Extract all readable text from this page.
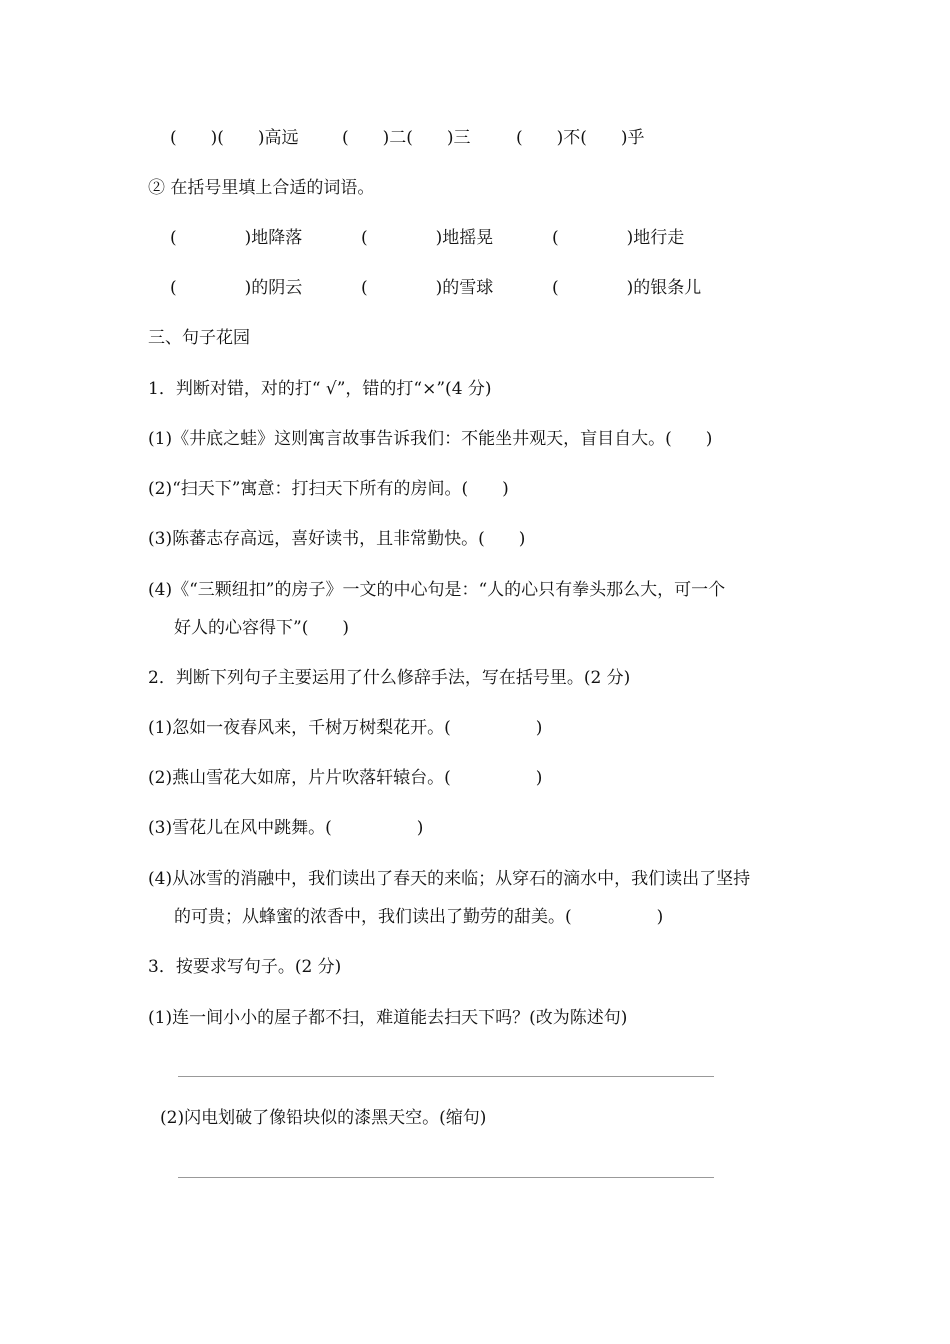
(　　)(　　)高远	(　　)二(　　)三	(　　)不(　　)乎
② 在括号里填上合适的词语。
(　　　　)地降落	(　　　　)地摇晃	(　　　　)地行走
(　　　　)的阴云	(　　　　)的雪球	(　　　　)的银条儿
三、句子花园
1．判断对错，对的打“ √”，错的打“×”(4 分)
(1)《井底之蛙》这则寓言故事告诉我们：不能坐井观天，盲目自大。(　　)
(2)“扫天下”寓意：打扫天下所有的房间。(　　)
(3)陈蕃志存高远，喜好读书，且非常勤快。(　　)
(4)《“三颗纽扣”的房子》一文的中心句是：“人的心只有拳头那么大，可一个
好人的心容得下”(　　)
2．判断下列句子主要运用了什么修辞手法，写在括号里。(2 分)
(1)忽如一夜春风来，千树万树梨花开。(　　　　　)
(2)燕山雪花大如席，片片吹落轩辕台。(　　　　　)
(3)雪花儿在风中跳舞。(　　　　　)
(4)从冰雪的消融中，我们读出了春天的来临；从穿石的滴水中，我们读出了坚持
的可贵；从蜂蜜的浓香中，我们读出了勤劳的甜美。(　　　　　)
3．按要求写句子。(2 分)
(1)连一间小小的屋子都不扫，难道能去扫天下吗？(改为陈述句)
(2)闪电划破了像铅块似的漆黑天空。(缩句)
